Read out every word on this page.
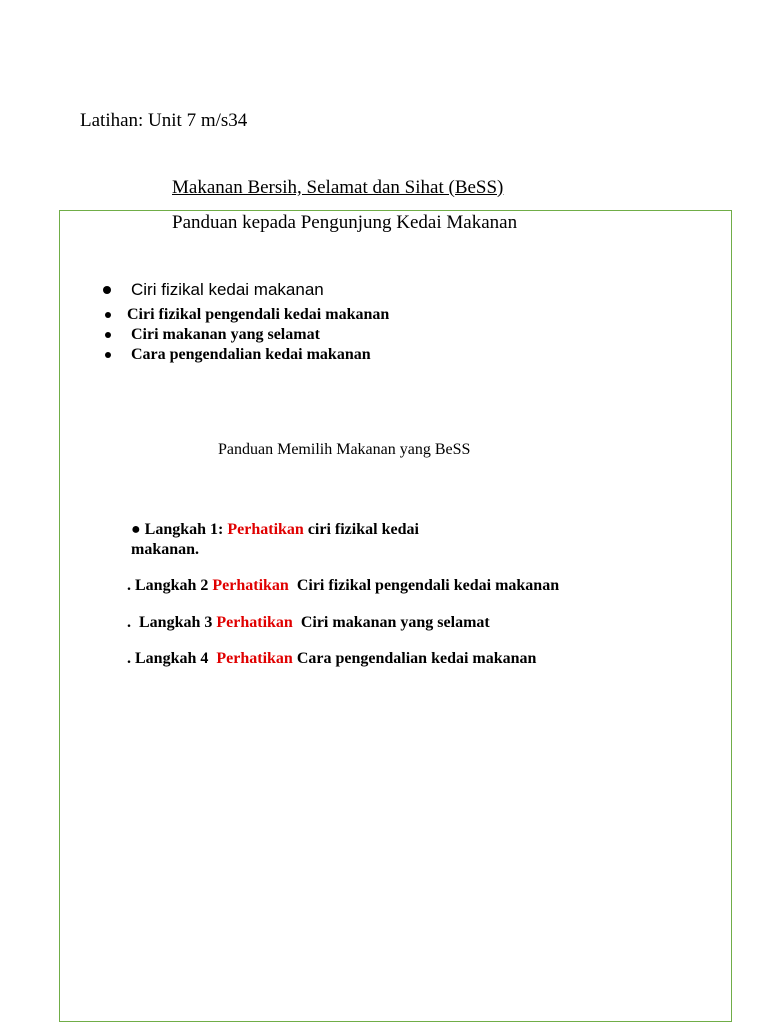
Latihan: Unit 7 m/s34
Makanan Bersih, Selamat dan Sihat (BeSS)
Panduan kepada Pengunjung Kedai Makanan
Ciri fizikal kedai makanan
Ciri fizikal pengendali kedai makanan
Ciri makanan yang selamat
Cara pengendalian kedai makanan
Panduan Memilih Makanan yang BeSS
● Langkah 1: Perhatikan ciri fizikal kedai
makanan.
. Langkah 2 Perhatikan  Ciri fizikal pengendali kedai makanan
.  Langkah 3 Perhatikan  Ciri makanan yang selamat
. Langkah 4  Perhatikan Cara pengendalian kedai makanan
